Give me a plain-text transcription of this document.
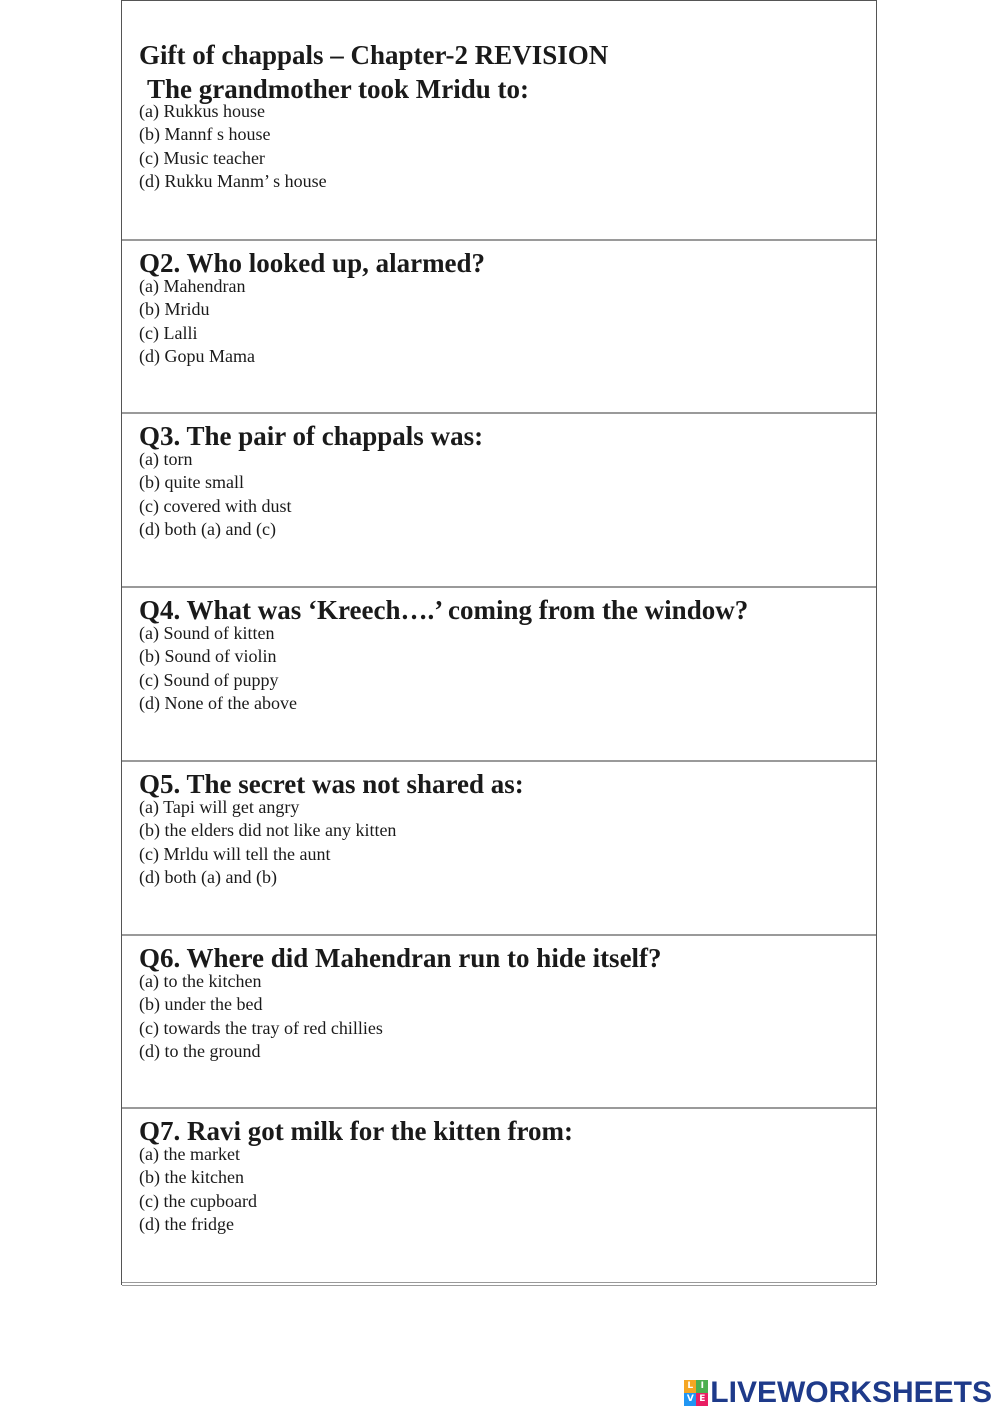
Gift of chappals – Chapter-2 REVISION

The grandmother took Mridu to:

(a) Rukkus house
(b) Mannf s house
(c) Music teacher
(d) Rukku Manm’ s house

Q2. Who looked up, alarmed?

(a) Mahendran
(b) Mridu
(c) Lalli
(d) Gopu Mama

Q3. The pair of chappals was:

(a) torn
(b) quite small
(c) covered with dust
(d) both (a) and (c)

Q4. What was ‘Kreech….’ coming from the window?

(a) Sound of kitten
(b) Sound of violin
(c) Sound of puppy
(d) None of the above

Q5. The secret was not shared as:

(a) Tapi will get angry
(b) the elders did not like any kitten
(c) Mrldu will tell the aunt
(d) both (a) and (b)

Q6. Where did Mahendran run to hide itself?

(a) to the kitchen
(b) under the bed
(c) towards the tray of red chillies
(d) to the ground

Q7. Ravi got milk for the kitten from:

(a) the market
(b) the kitchen
(c) the cupboard
(d) the fridge
L I
V E LIVEWORKSHEETS
